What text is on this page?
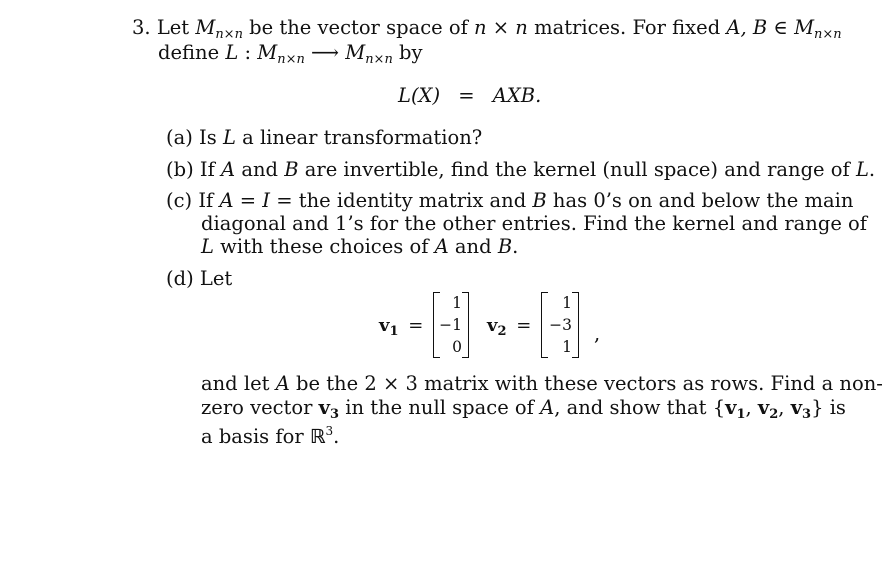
3. Let $M_{n\times n}$ be the vector space of n × n matrices. For fixed A, B ∈ $M_{n\times n}$
define L : $M_{n\times n}$ ⟶ $M_{n\times n}$ by
L(X) = AXB.
(a) Is L a linear transformation?
(b) If A and B are invertible, find the kernel (null space) and range of L.
(c) If A = I = the identity matrix and B has 0’s on and below the main
diagonal and 1’s for the other entries. Find the kernel and range of
L with these choices of A and B.
(d) Let
$v_1$ =
1
−1
0
$v_2$ =
1
−3
1
,
and let A be the 2 × 3 matrix with these vectors as rows. Find a non-
zero vector $v_3$ in the null space of A, and show that {$v_1$, $v_2$, $v_3$} is
a basis for ℝ$^3$.
